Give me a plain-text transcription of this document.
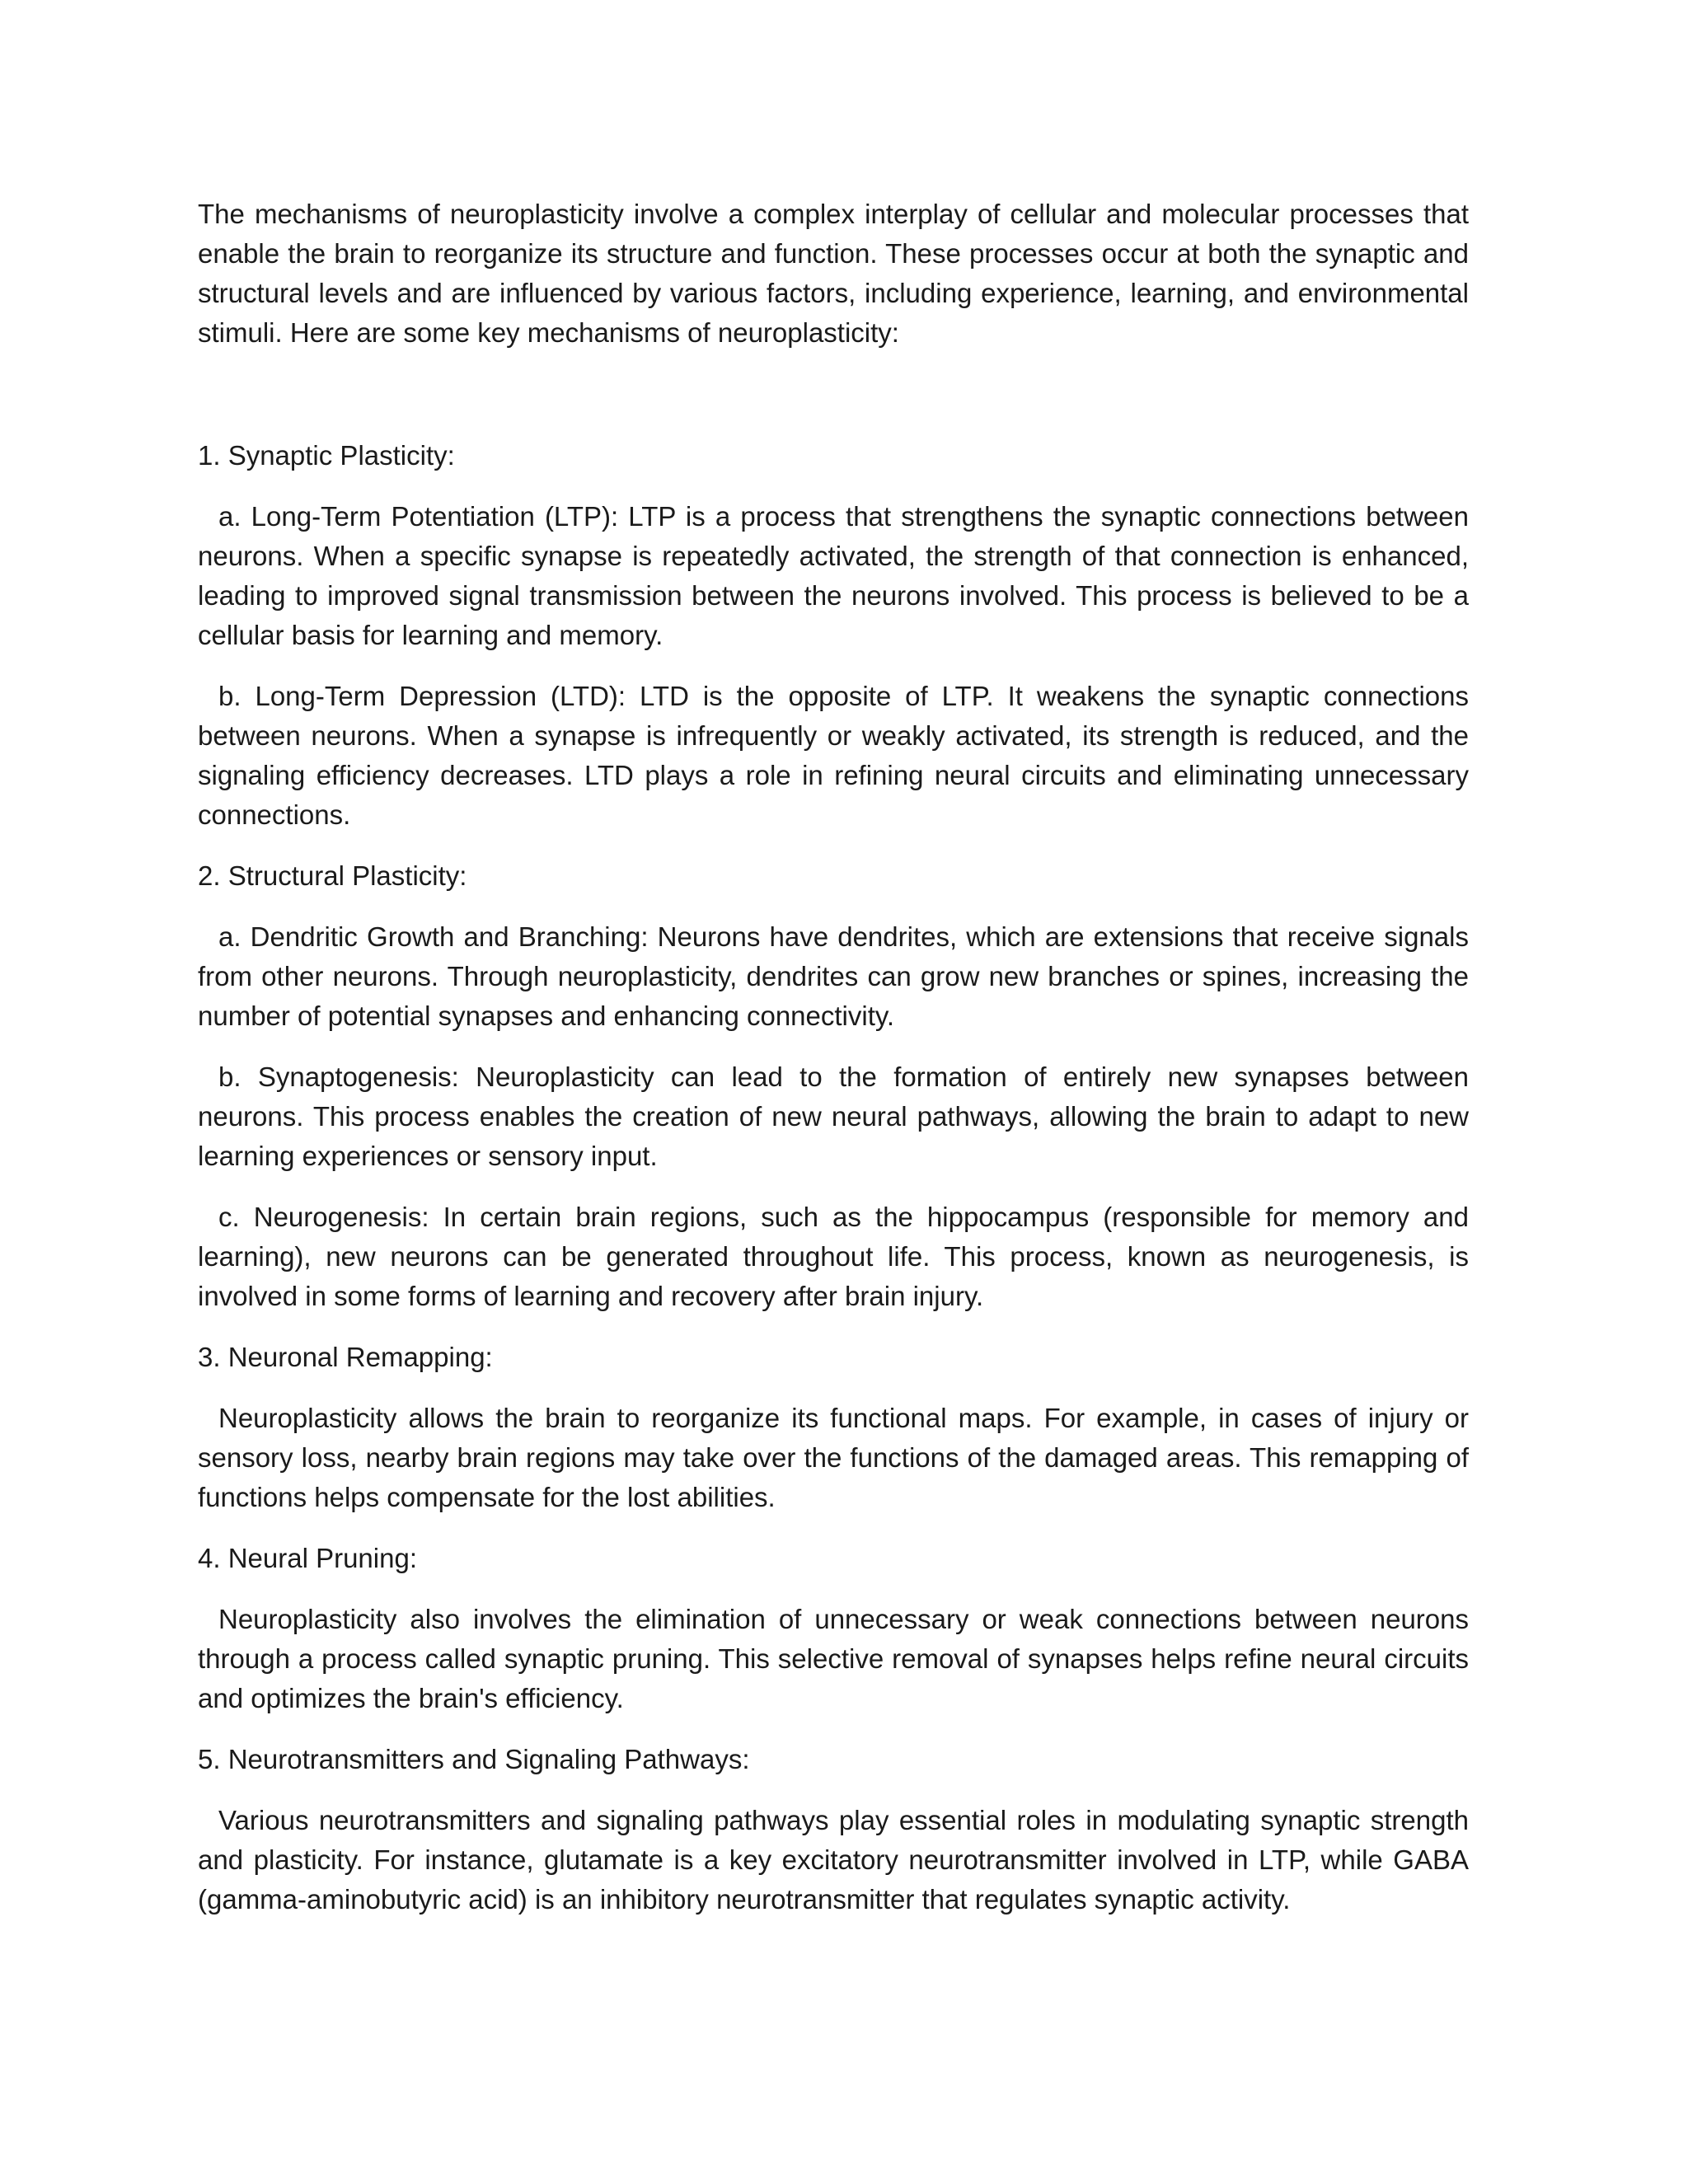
The mechanisms of neuroplasticity involve a complex interplay of cellular and molecular processes that enable the brain to reorganize its structure and function. These processes occur at both the synaptic and structural levels and are influenced by various factors, including experience, learning, and environmental stimuli. Here are some key mechanisms of neuroplasticity:

1. Synaptic Plasticity:

a. Long-Term Potentiation (LTP): LTP is a process that strengthens the synaptic connections between neurons. When a specific synapse is repeatedly activated, the strength of that connection is enhanced, leading to improved signal transmission between the neurons involved. This process is believed to be a cellular basis for learning and memory.

b. Long-Term Depression (LTD): LTD is the opposite of LTP. It weakens the synaptic connections between neurons. When a synapse is infrequently or weakly activated, its strength is reduced, and the signaling efficiency decreases. LTD plays a role in refining neural circuits and eliminating unnecessary connections.

2. Structural Plasticity:

a. Dendritic Growth and Branching: Neurons have dendrites, which are extensions that receive signals from other neurons. Through neuroplasticity, dendrites can grow new branches or spines, increasing the number of potential synapses and enhancing connectivity.

b. Synaptogenesis: Neuroplasticity can lead to the formation of entirely new synapses between neurons. This process enables the creation of new neural pathways, allowing the brain to adapt to new learning experiences or sensory input.

c. Neurogenesis: In certain brain regions, such as the hippocampus (responsible for memory and learning), new neurons can be generated throughout life. This process, known as neurogenesis, is involved in some forms of learning and recovery after brain injury.

3. Neuronal Remapping:

Neuroplasticity allows the brain to reorganize its functional maps. For example, in cases of injury or sensory loss, nearby brain regions may take over the functions of the damaged areas. This remapping of functions helps compensate for the lost abilities.

4. Neural Pruning:

Neuroplasticity also involves the elimination of unnecessary or weak connections between neurons through a process called synaptic pruning. This selective removal of synapses helps refine neural circuits and optimizes the brain's efficiency.

5. Neurotransmitters and Signaling Pathways:

Various neurotransmitters and signaling pathways play essential roles in modulating synaptic strength and plasticity. For instance, glutamate is a key excitatory neurotransmitter involved in LTP, while GABA (gamma-aminobutyric acid) is an inhibitory neurotransmitter that regulates synaptic activity.
